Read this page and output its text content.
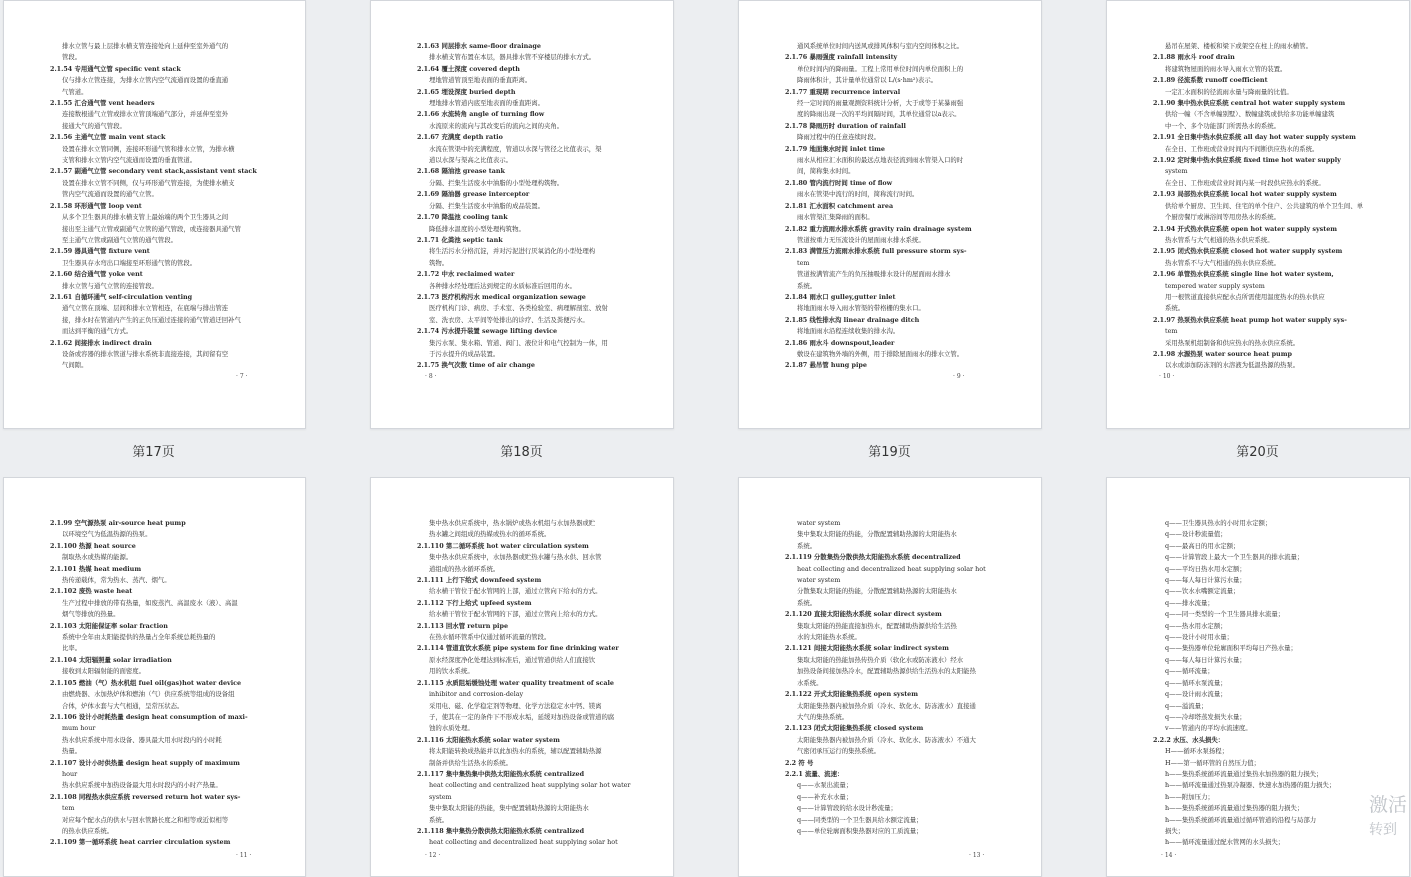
排水立管与最上层排水横支管连接处向上延伸至室外通气的
管段。
2.1.54 专用通气立管 specific vent stack
仅与排水立管连接，为排水立管内空气流通而设置的垂直通
气管道。
2.1.55 汇合通气管 vent headers
连接数根通气立管或排水立管顶端通气部分，并延伸至室外
接通大气的通气管段。
2.1.56 主通气立管 main vent stack
设置在排水立管同侧，连接环形通气管和排水立管，为排水横
支管和排水立管内空气流通而设置的垂直管道。
2.1.57 副通气立管 secondary vent stack,assistant vent stack
设置在排水立管不同侧，仅与环形通气管连接，为使排水横支
管内空气流通而设置的通气立管。
2.1.58 环形通气管 loop vent
从多个卫生器具的排水横支管上最始端的两个卫生器具之间
接出至主通气立管或副通气立管的通气管段，或连接器具通气管
至主通气立管或副通气立管的通气管段。
2.1.59 器具通气管 fixture vent
卫生器具存水弯出口端接至环形通气管的管段。
2.1.60 结合通气管 yoke vent
排水立管与通气立管的连接管段。
2.1.61 自循环通气 self-circulation venting
通气立管在顶端、层间和排水立管相连，在底端与排出管连
接，排水时在管道内产生的正负压通过连接的通气管道迂回补气
而达到平衡的通气方式。
2.1.62 间接排水 indirect drain
设备或容器的排水管道与排水系统非直接连接，其间留有空
气间隙。
· 7 ·
第17页
2.1.63 同层排水 same-floor drainage
排水横支管布置在本层，器具排水管不穿楼层的排水方式。
2.1.64 覆土深度 covered depth
埋地管道管顶至地表面的垂直距离。
2.1.65 埋设深度 buried depth
埋地排水管道内底至地表面的垂直距离。
2.1.66 水流转角 angle of turning flow
水流原来的流向与其改变后的流向之间的夹角。
2.1.67 充满度 depth ratio
水流在管渠中的充满程度，管道以水深与管径之比值表示，渠
道以水深与渠高之比值表示。
2.1.68 隔油池 grease tank
分隔、拦集生活废水中油脂的小型处理构筑物。
2.1.69 隔油器 grease interceptor
分隔、拦集生活废水中油脂的成品装置。
2.1.70 降温池 cooling tank
降低排水温度的小型处理构筑物。
2.1.71 化粪池 septic tank
将生活污水分格沉淀，并对污泥进行厌氧消化的小型处理构
筑物。
2.1.72 中水 reclaimed water
各种排水经处理后达到规定的水质标准后回用的水。
2.1.73 医疗机构污水 medical organization sewage
医疗机构门诊、病房、手术室、各类检验室、病理解剖室、放射
室、洗衣房、太平间等处排出的诊疗、生活及粪便污水。
2.1.74 污水提升装置 sewage lifting device
集污水泵、集水箱、管道、阀门、液位计和电气控制为一体，用
于污水提升的成品装置。
2.1.75 换气次数 time of air change
· 8 ·
第18页
通风系统单位时间内送风或排风体积与室内空间体积之比。
2.1.76 暴雨强度 rainfall intensity
单位时间内的降雨量。工程上常用单位时间内单位面积上的
降雨体积计，其计量单位通常以 L/(s·hm²)表示。
2.1.77 重现期 recurrence interval
经一定时间的雨量观测资料统计分析，大于或等于某暴雨强
度的降雨出现一次的平均间隔时间，其单位通常以a表示。
2.1.78 降雨历时 duration of rainfall
降雨过程中的任意连续时段。
2.1.79 地面集水时间 inlet time
雨水从相应汇水面积的最远点地表径流到雨水管渠入口的时
间，简称集水时间。
2.1.80 管内流行时间 time of flow
雨水在管渠中流行的时间，简称流行时间。
2.1.81 汇水面积 catchment area
雨水管渠汇集降雨的面积。
2.1.82 重力流雨水排水系统 gravity rain drainage system
管道按重力无压流设计的屋面雨水排水系统。
2.1.83 满管压力流雨水排水系统 full pressure storm sys-
tem
管道按满管流产生的负压抽吸排水设计的屋面雨水排水
系统。
2.1.84 雨水口 gulley,gutter inlet
将地面雨水导入雨水管渠的带格栅的集水口。
2.1.85 线性排水沟 linear drainage ditch
将地面雨水沿程连续收集的排水沟。
2.1.86 雨水斗 downspout,leader
敷设在建筑物外墙的外侧，用于排除屋面雨水的排水立管。
2.1.87 悬吊管 hung pipe
· 9 ·
第19页
悬吊在屋架、楼板和梁下或架空在柱上的雨水横管。
2.1.88 雨水斗 roof drain
将建筑物屋面的雨水导入雨水立管的装置。
2.1.89 径流系数 runoff coefficient
一定汇水面积的径流雨水量与降雨量的比值。
2.1.90 集中热水供应系统 central hot water supply system
供给一幢（不含单幢别墅）、数幢建筑或供给多功能单幢建筑
中一个、多个功能部门所需热水的系统。
2.1.91 全日集中热水供应系统 all day hot water supply system
在全日、工作班或营业时间内不间断供应热水的系统。
2.1.92 定时集中热水供应系统 fixed time hot water supply
system
在全日、工作班或营业时间内某一时段供应热水的系统。
2.1.93 局部热水供应系统 local hot water supply system
供给单个厨房、卫生间、住宅的单个住户、公共建筑的单个卫生间、单
个厨房餐厅或淋浴间等用房热水的系统。
2.1.94 开式热水供应系统 open hot water supply system
热水管系与大气相通的热水供应系统。
2.1.95 闭式热水供应系统 closed hot water supply system
热水管系不与大气相通的热水供应系统。
2.1.96 单管热水供应系统 single line hot water system,
tempered water supply system
用一根管道直接供应配水点所需使用温度热水的热水供应
系统。
2.1.97 热泵热水供应系统 heat pump hot water supply sys-
tem
采用热泵机组制备和供应热水的热水供应系统。
2.1.98 水源热泵 water source heat pump
以水或添加防冻剂的水溶液为低温热源的热泵。
· 10 ·
第20页
2.1.99 空气源热泵 air-source heat pump
以环境空气为低温热源的热泵。
2.1.100 热源 heat source
制取热水或热媒的能源。
2.1.101 热媒 heat medium
热传递载体，常为热水、蒸汽、烟气。
2.1.102 废热 waste heat
生产过程中排放的带有热量，如废蒸汽、高温废水（液）、高温
烟气等排放的热量。
2.1.103 太阳能保证率 solar fraction
系统中全年由太阳能提供的热量占全年系统总耗热量的
比率。
2.1.104 太阳辐照量 solar irradiation
接收到太阳辐射能的面密度。
2.1.105 燃油（气）热水机组 fuel oil(gas)hot water device
由燃烧器、水加热炉体和燃油（气）供应系统等组成的设备组
合体，炉体水套与大气相通，呈常压状态。
2.1.106 设计小时耗热量 design heat consumption of maxi-
mum hour
热水供应系统中用水设备、器具最大用水时段内的小时耗
热量。
2.1.107 设计小时供热量 design heat supply of maximum
hour
热水供应系统中加热设备最大用水时段内的小时产热量。
2.1.108 同程热水供应系统 reversed return hot water sys-
tem
对应每个配水点的供水与回水管路长度之和相等或近似相等
的热水供应系统。
2.1.109 第一循环系统 heat carrier circulation system
· 11 ·
集中热水供应系统中，热水锅炉或热水机组与水加热器或贮
热水罐之间组成的热媒或热水的循环系统。
2.1.110 第二循环系统 hot water circulation system
集中热水供应系统中，水加热器或贮热水罐与热水供、回水管
道组成的热水循环系统。
2.1.111 上行下给式 downfeed system
给水横干管位于配水管网的上部，通过立管向下给水的方式。
2.1.112 下行上给式 upfeed system
给水横干管位于配水管网的下部，通过立管向上给水的方式。
2.1.113 回水管 return pipe
在热水循环管系中仅通过循环流量的管段。
2.1.114 管道直饮水系统 pipe system for fine drinking water
原水经深度净化处理达到标准后，通过管道供给人们直接饮
用的饮水系统。
2.1.115 水质阻垢缓蚀处理 water quality treatment of scale
inhibitor and corrosion-delay
采用电、磁、化学稳定剂等物理、化学方法稳定水中钙、镁离
子，使其在一定的条件下不形成水垢，延缓对加热设备或管道的腐
蚀的水质处理。
2.1.116 太阳能热水系统 solar water system
将太阳能转换成热能并以此加热水的系统，辅以配置辅助热源
制备并供给生活热水的系统。
2.1.117 集中集热集中供热太阳能热水系统 centralized
heat collecting and centralized heat supplying solar hot water
system
集中集取太阳能的热能，集中配置辅助热源的太阳能热水
系统。
2.1.118 集中集热分散供热太阳能热水系统 centralized
heat collecting and decentralized heat supplying solar hot
· 12 ·
water system
集中集取太阳能的热能，分散配置辅助热源的太阳能热水
系统。
2.1.119 分散集热分散供热太阳能热水系统 decentralized
heat collecting and decentralized heat supplying solar hot
water system
分散集取太阳能的热能，分散配置辅助热源的太阳能热水
系统。
2.1.120 直接太阳能热水系统 solar direct system
集取太阳能的热能直接加热水，配置辅助热源供给生活热
水的太阳能热水系统。
2.1.121 间接太阳能热水系统 solar indirect system
集取太阳能的热能加热传热介质（软化水或防冻液水）经水
加热设备间接加热冷水，配置辅助热源供给生活热水的太阳能热
水系统。
2.1.122 开式太阳能集热系统 open system
太阳能集热器内被加热介质（冷水、软化水、防冻液水）直接通
大气的集热系统。
2.1.123 闭式太阳能集热系统 closed system
太阳能集热器内被加热介质（冷水、软化水、防冻液水）不通大
气密闭承压运行的集热系统。
2.2 符 号
2.2.1 流量、流速：
q——水泵出流量；
q——补充水水量；
q——计算管段的给水设计秒流量；
q——同类型的一个卫生器具给水额定流量；
q——单位轮廓面积集热器对应的工质流量；
· 13 ·
q——卫生器具热水的小时用水定额；
q——设计秒流量值；
q——最高日的用水定额；
q——计算管段上最大一个卫生器具的排水流量；
q——平均日热水用水定额；
q——每人每日计算污水量；
q——饮水水嘴额定流量；
q——排水流量；
q——同一类型的一个卫生器具排水流量；
q——热水用水定额；
q——设计小时用水量；
q——集热器单位轮廓面积平均每日产热水量；
q——每人每日计算污水量；
q——循环流量；
q——循环水泵流量；
q——设计雨水流量；
q——溢流量；
q——冷却塔蒸发损失水量；
v——管道内的平均水流速度。
2.2.2 水压、水头损失：
H——循环水泵扬程；
H——第一循环管的自然压力值；
h——集热系统循环流量通过集热水加热器的阻力损失；
h——循环流量通过热泵冷凝器、快速水加热器的阻力损失；
h——附加压力；
h——集热系统循环流量通过集热器的阻力损失；
h——集热系统循环流量通过循环管道的沿程与局部力
损失；
h——循环流量通过配水管网的水头损失；
· 14 ·
激活
转到
